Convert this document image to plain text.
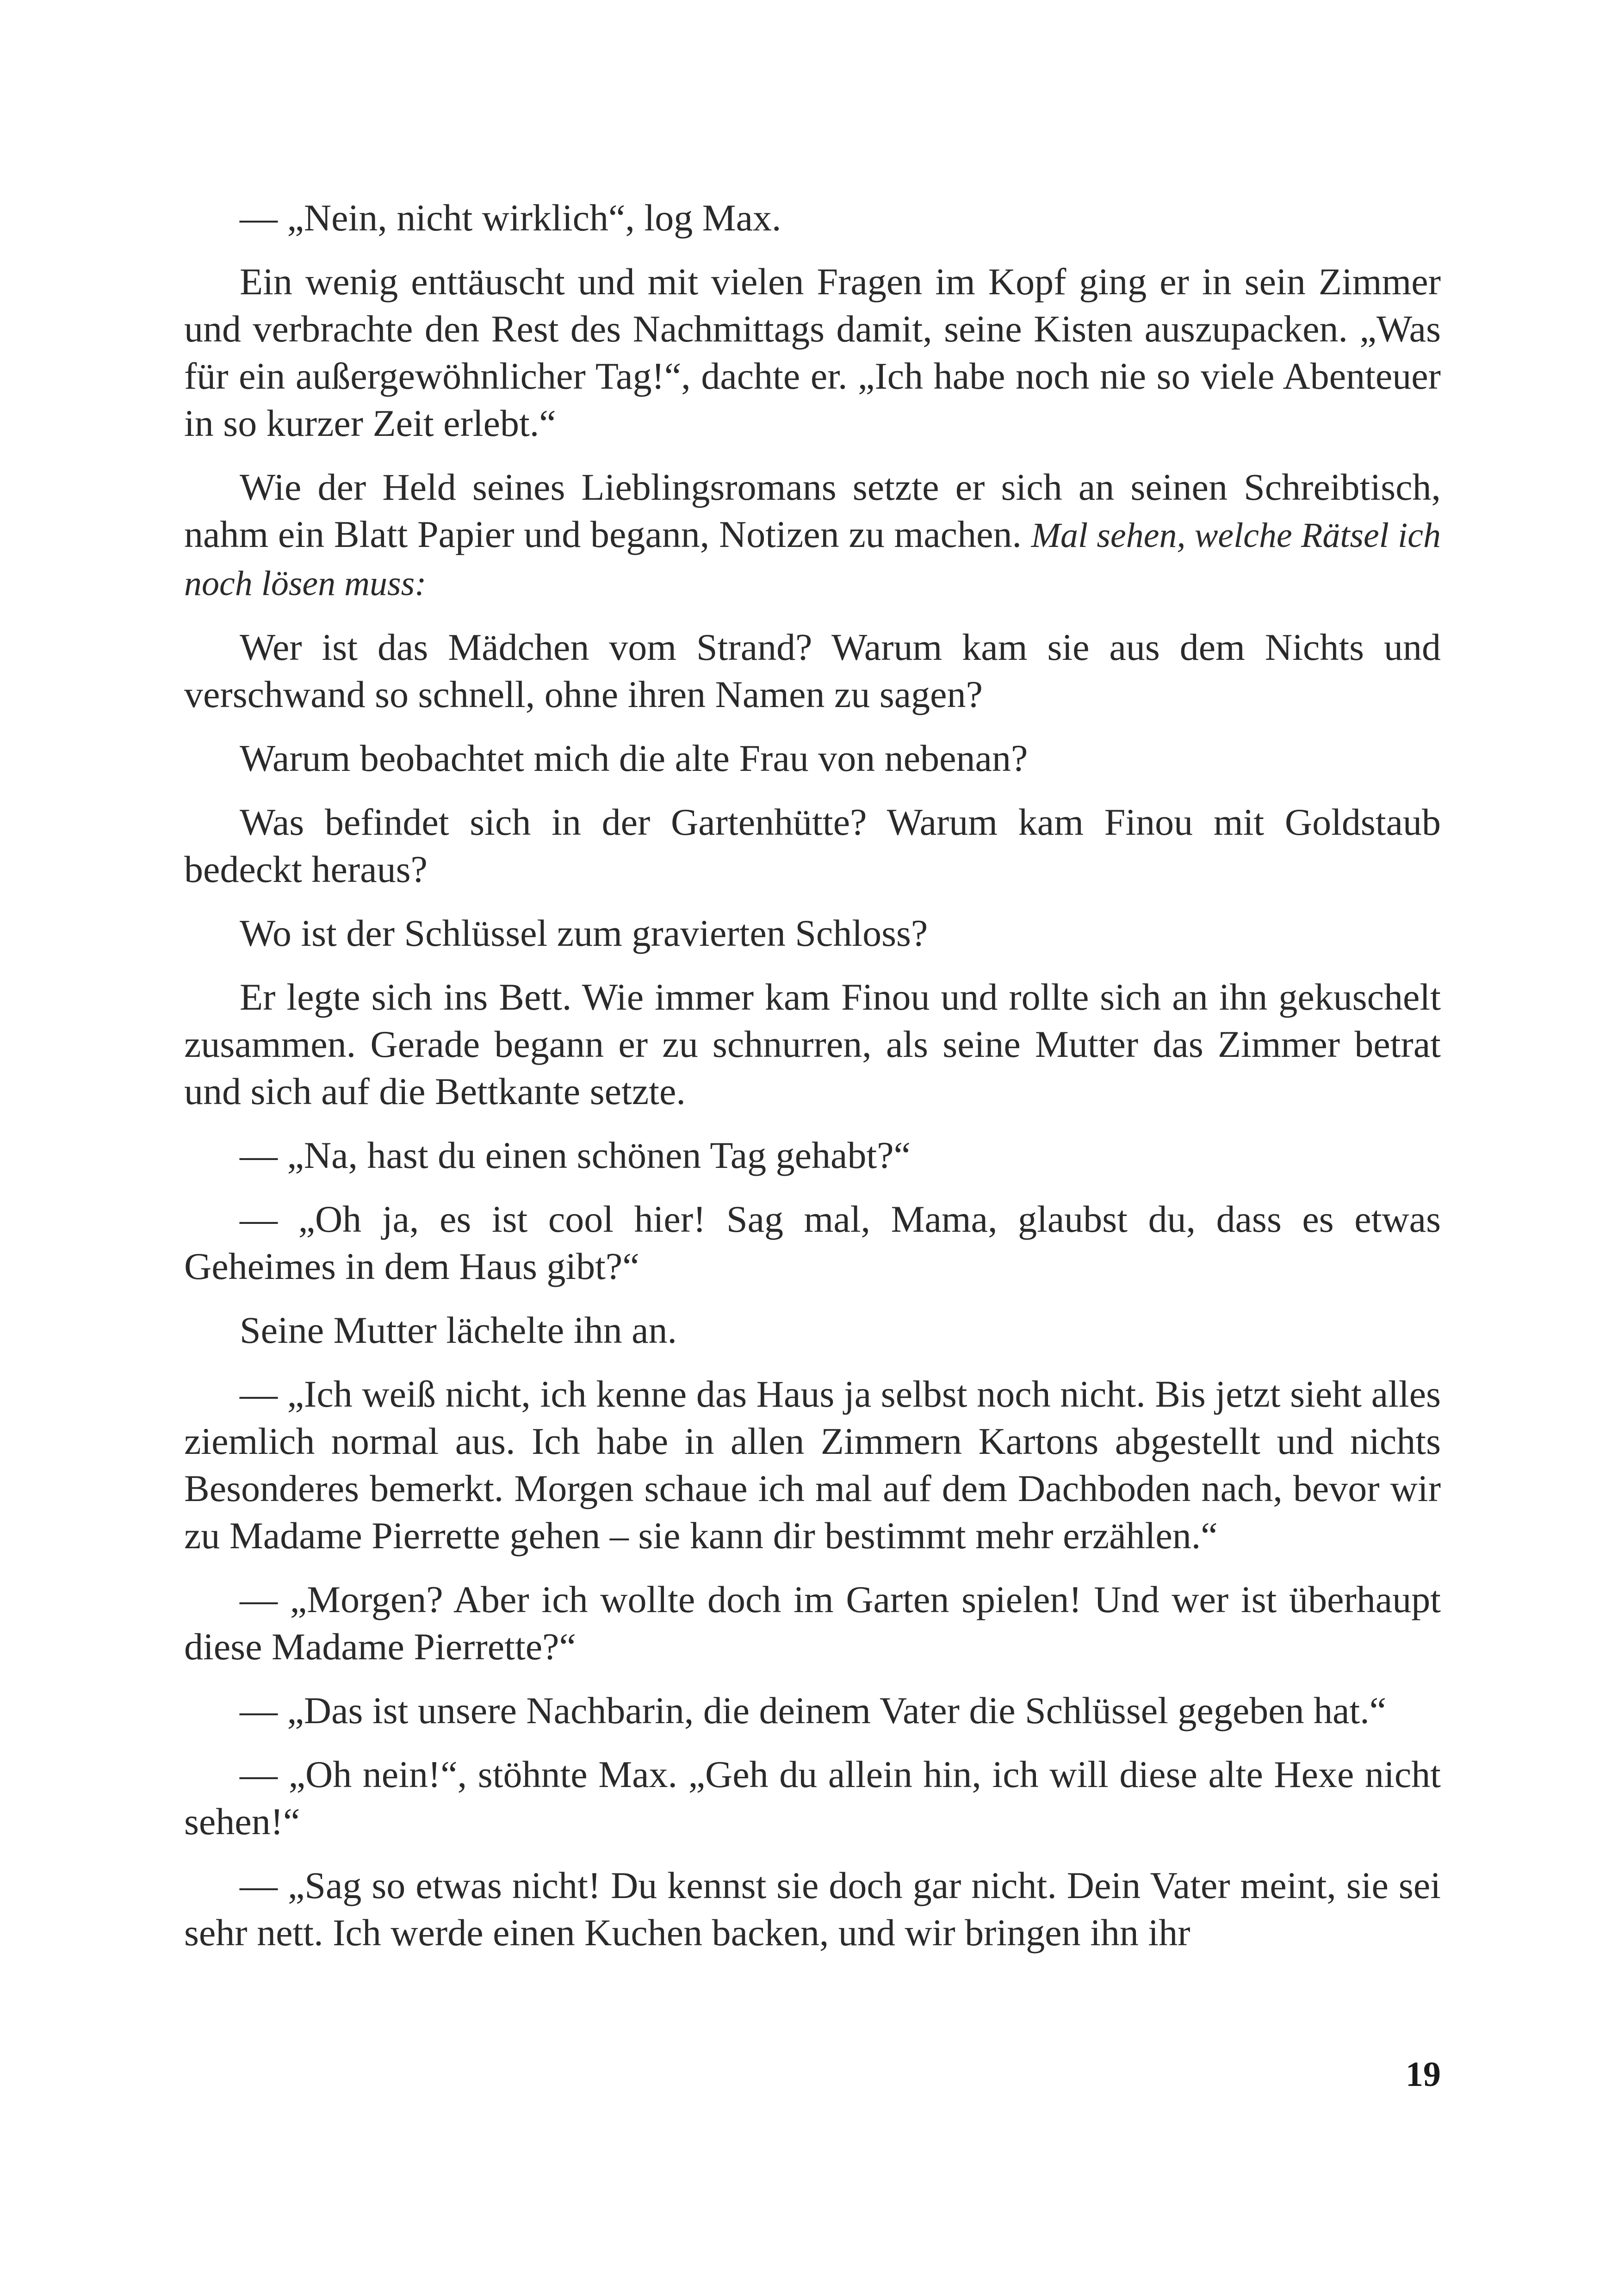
— „Nein, nicht wirklich“, log Max.

Ein wenig enttäuscht und mit vielen Fragen im Kopf ging er in sein Zimmer und verbrachte den Rest des Nachmittags damit, seine Kisten auszupacken. „Was für ein außergewöhnlicher Tag!“, dachte er. „Ich habe noch nie so viele Abenteuer in so kurzer Zeit erlebt.“

Wie der Held seines Lieblingsromans setzte er sich an seinen Schreibtisch, nahm ein Blatt Papier und begann, Notizen zu machen. Mal sehen, welche Rätsel ich noch lösen muss:

Wer ist das Mädchen vom Strand? Warum kam sie aus dem Nichts und verschwand so schnell, ohne ihren Namen zu sagen?

Warum beobachtet mich die alte Frau von nebenan?

Was befindet sich in der Gartenhütte? Warum kam Finou mit Goldstaub bedeckt heraus?

Wo ist der Schlüssel zum gravierten Schloss?

Er legte sich ins Bett. Wie immer kam Finou und rollte sich an ihn gekuschelt zusammen. Gerade begann er zu schnurren, als seine Mutter das Zimmer betrat und sich auf die Bettkante setzte.

— „Na, hast du einen schönen Tag gehabt?“

— „Oh ja, es ist cool hier! Sag mal, Mama, glaubst du, dass es etwas Geheimes in dem Haus gibt?“

Seine Mutter lächelte ihn an.

— „Ich weiß nicht, ich kenne das Haus ja selbst noch nicht. Bis jetzt sieht alles ziemlich normal aus. Ich habe in allen Zimmern Kartons abgestellt und nichts Besonderes bemerkt. Morgen schaue ich mal auf dem Dachboden nach, bevor wir zu Madame Pierrette gehen – sie kann dir bestimmt mehr erzählen.“

— „Morgen? Aber ich wollte doch im Garten spielen! Und wer ist überhaupt diese Madame Pierrette?“

— „Das ist unsere Nachbarin, die deinem Vater die Schlüssel gegeben hat.“

— „Oh nein!“, stöhnte Max. „Geh du allein hin, ich will diese alte Hexe nicht sehen!“

— „Sag so etwas nicht! Du kennst sie doch gar nicht. Dein Vater meint, sie sei sehr nett. Ich werde einen Kuchen backen, und wir bringen ihn ihr

19
